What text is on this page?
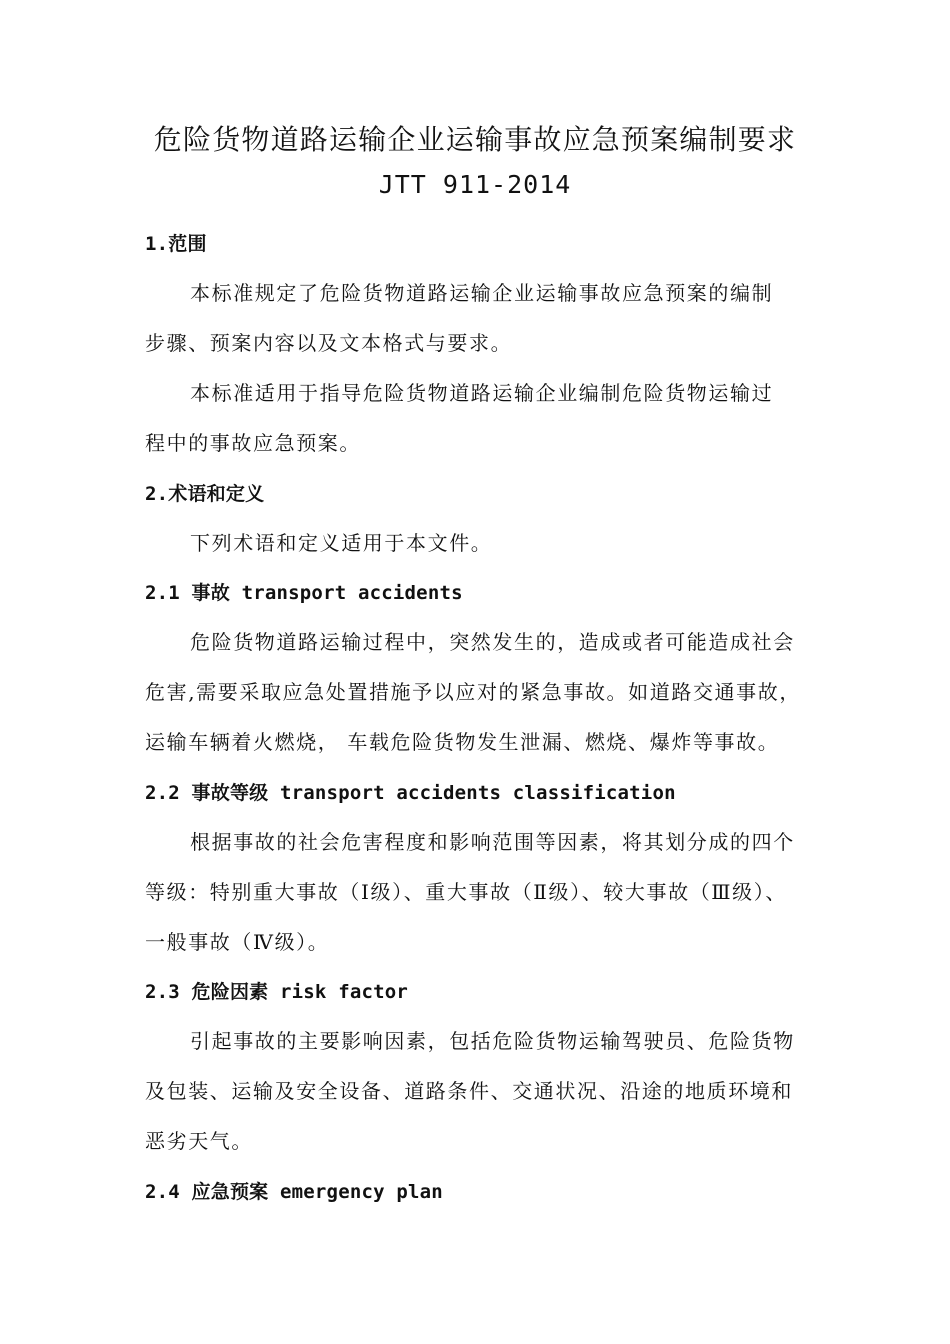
危险货物道路运输企业运输事故应急预案编制要求
JTT 911-2014
1.范围
本标准规定了危险货物道路运输企业运输事故应急预案的编制
步骤、预案内容以及文本格式与要求。
本标准适用于指导危险货物道路运输企业编制危险货物运输过
程中的事故应急预案。
2.术语和定义
下列术语和定义适用于本文件。
2.1 事故 transport accidents
危险货物道路运输过程中，突然发生的，造成或者可能造成社会
危害,需要采取应急处置措施予以应对的紧急事故。如道路交通事故，
运输车辆着火燃烧， 车载危险货物发生泄漏、燃烧、爆炸等事故。
2.2 事故等级 transport accidents classification
根据事故的社会危害程度和影响范围等因素，将其划分成的四个
等级：特别重大事故（Ⅰ级）、重大事故（Ⅱ级）、较大事故（Ⅲ级）、
一般事故（Ⅳ级）。
2.3 危险因素 risk factor
引起事故的主要影响因素，包括危险货物运输驾驶员、危险货物
及包装、运输及安全设备、道路条件、交通状况、沿途的地质环境和
恶劣天气。
2.4 应急预案 emergency plan
